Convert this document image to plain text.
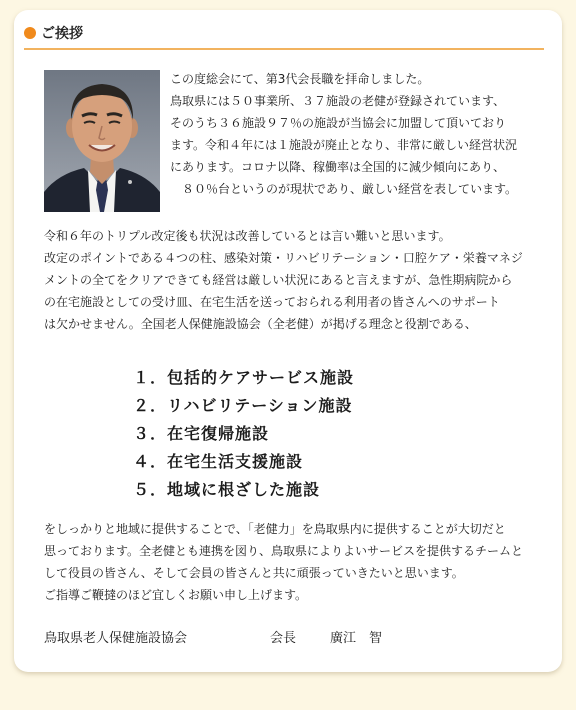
ご挨拶
この度総会にて、第3代会長職を拝命しました。
鳥取県には５０事業所、３７施設の老健が登録されています、
そのうち３６施設９７％の施設が当協会に加盟して頂いており
ます。令和４年には１施設が廃止となり、非常に厳しい経営状況
にあります。コロナ以降、稼働率は全国的に減少傾向にあり、
　８０％台というのが現状であり、厳しい経営を表しています。
令和６年のトリプル改定後も状況は改善しているとは言い難いと思います。
改定のポイントである４つの柱、感染対策・リハビリテーション・口腔ケア・栄養マネジ
メントの全てをクリアできても経営は厳しい状況にあると言えますが、急性期病院から
の在宅施設としての受け皿、在宅生活を送っておられる利用者の皆さんへのサポート
は欠かせません。全国老人保健施設協会（全老健）が掲げる理念と役割である、
１．包括的ケアサービス施設
２．リハビリテーション施設
３．在宅復帰施設
４．在宅生活支援施設
５．地域に根ざした施設
をしっかりと地域に提供することで、「老健力」を鳥取県内に提供することが大切だと
思っております。全老健とも連携を図り、鳥取県によりよいサービスを提供するチームと
して役員の皆さん、そして会員の皆さんと共に頑張っていきたいと思います。
ご指導ご鞭撻のほど宜しくお願い申し上げます。
鳥取県老人保健施設協会	会長	廣江　智
